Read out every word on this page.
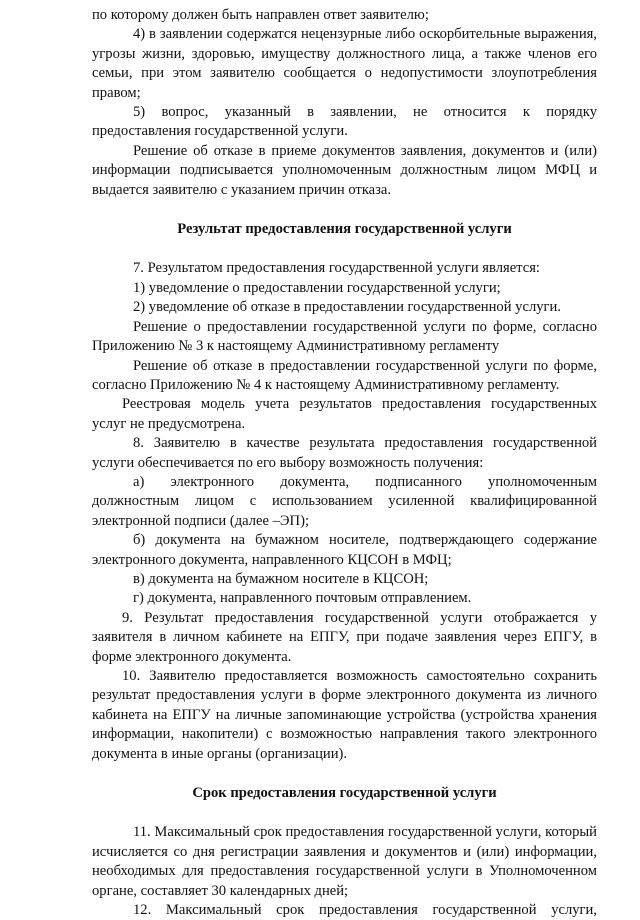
по которому должен быть направлен ответ заявителю;

4) в заявлении содержатся нецензурные либо оскорбительные выражения, угрозы жизни, здоровью, имуществу должностного лица, а также членов его семьи, при этом заявителю сообщается о недопустимости злоупотребления правом;

5) вопрос, указанный в заявлении, не относится к порядку предоставления государственной услуги.

Решение об отказе в приеме документов заявления, документов и (или) информации подписывается уполномоченным должностным лицом МФЦ и выдается заявителю с указанием причин отказа.

Результат предоставления государственной услуги

7. Результатом предоставления государственной услуги является:

1) уведомление о предоставлении государственной услуги;

2) уведомление об отказе в предоставлении государственной услуги.

Решение о предоставлении государственной услуги по форме, согласно Приложению № 3 к настоящему Административному регламенту

Решение об отказе в предоставлении государственной услуги по форме, согласно Приложению № 4 к настоящему Административному регламенту.

Реестровая модель учета результатов предоставления государственных услуг не предусмотрена.

8. Заявителю в качестве результата предоставления государственной услуги обеспечивается по его выбору возможность получения:

а) электронного документа, подписанного уполномоченным должностным лицом с использованием усиленной квалифицированной электронной подписи (далее –ЭП);

б) документа на бумажном носителе, подтверждающего содержание электронного документа, направленного КЦСОН в МФЦ;

в) документа на бумажном носителе в КЦСОН;

г) документа, направленного почтовым отправлением.

9. Результат предоставления государственной услуги отображается у заявителя в личном кабинете на ЕПГУ, при подаче заявления через ЕПГУ, в форме электронного документа.

10. Заявителю предоставляется возможность самостоятельно сохранить результат предоставления услуги в форме электронного документа из личного кабинета на ЕПГУ на личные запоминающие устройства (устройства хранения информации, накопители) с возможностью направления такого электронного документа в иные органы (организации).

Срок предоставления государственной услуги

11. Максимальный срок предоставления государственной услуги, который исчисляется со дня регистрации заявления и документов и (или) информации, необходимых для предоставления государственной услуги в Уполномоченном органе, составляет 30 календарных дней;

12. Максимальный срок предоставления государственной услуги,
